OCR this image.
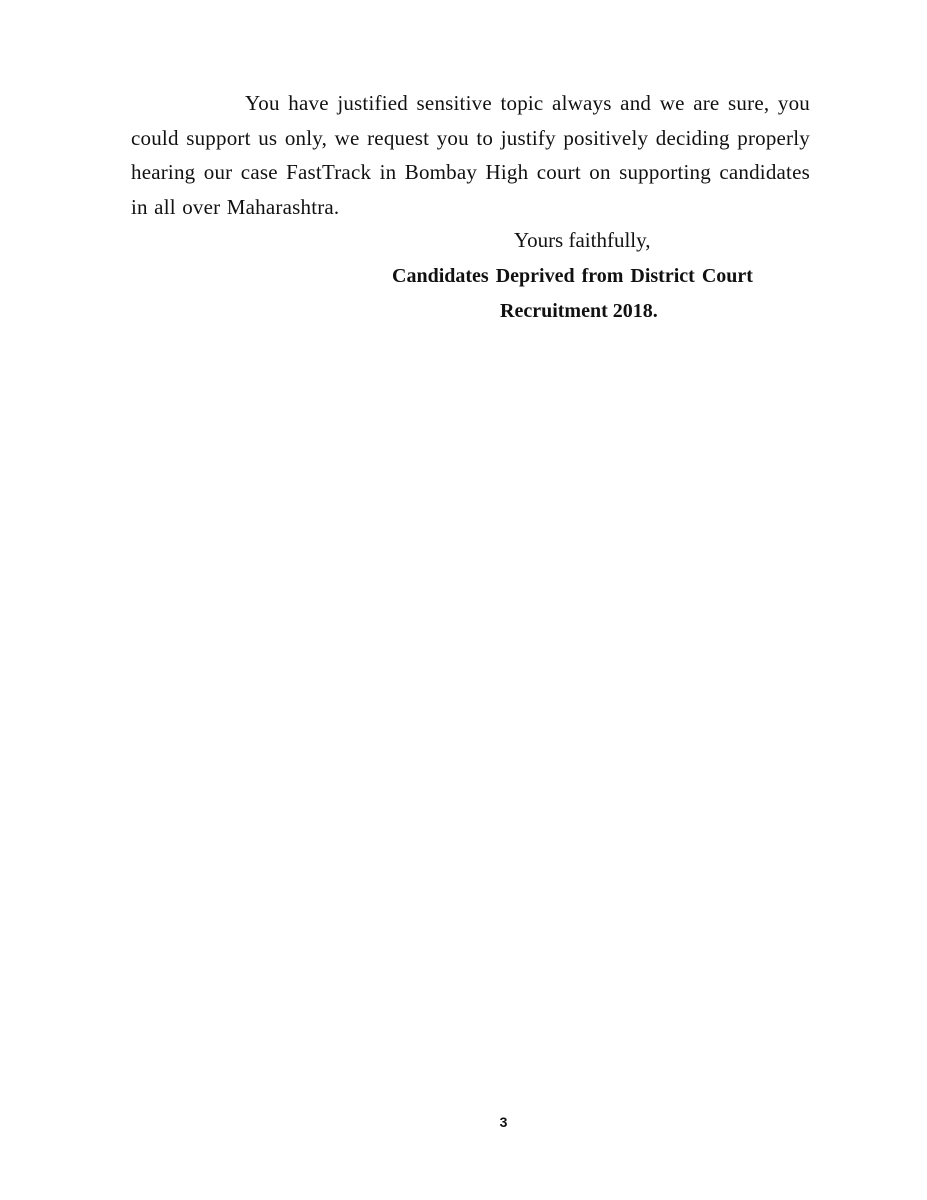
You have justified sensitive topic always and we are sure, you could support us only, we request you to justify positively deciding properly hearing our case FastTrack in Bombay High court on supporting candidates in all over Maharashtra.

Yours faithfully,

Candidates Deprived from District Court
Recruitment 2018.
3
